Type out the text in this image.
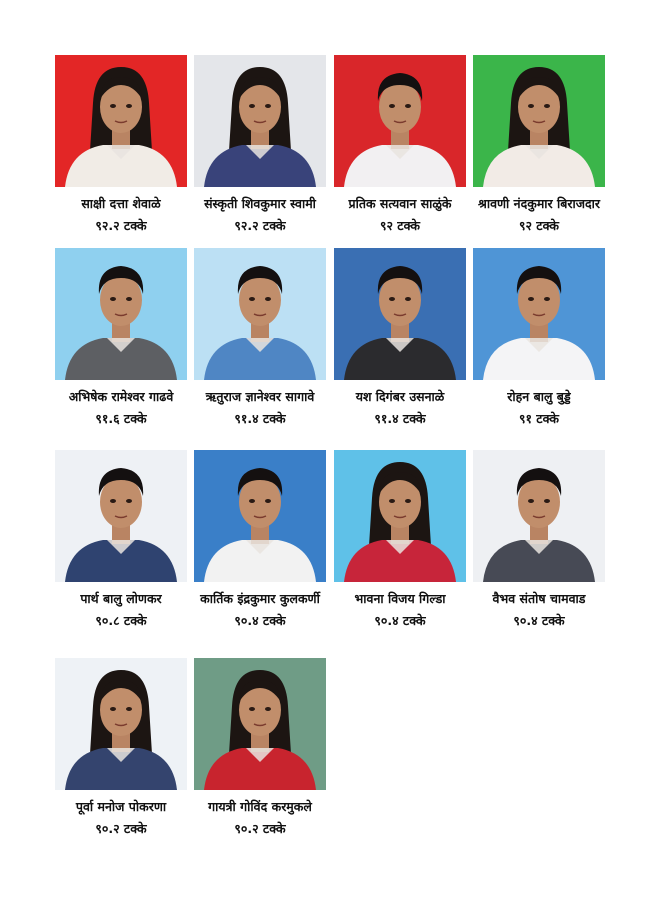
साक्षी दत्ता शेवाळे
९२.२ टक्के
संस्कृती शिवकुमार स्वामी
९२.२ टक्के
प्रतिक सत्यवान साळुंके
९२ टक्के
श्रावणी नंदकुमार बिराजदार
९२ टक्के
अभिषेक रामेश्वर गाढवे
९१.६ टक्के
ऋतुराज ज्ञानेश्वर सागावे
९१.४ टक्के
यश दिगंबर उसनाळे
९१.४ टक्के
रोहन बालु बुड्डे
९१ टक्के
पार्थ बालु लोणकर
९०.८ टक्के
कार्तिक इंद्रकुमार कुलकर्णी
९०.४ टक्के
भावना विजय गिल्डा
९०.४ टक्के
वैभव संतोष चामवाड
९०.४ टक्के
पूर्वा मनोज पोकरणा
९०.२ टक्के
गायत्री गोविंद करमुकले
९०.२ टक्के
